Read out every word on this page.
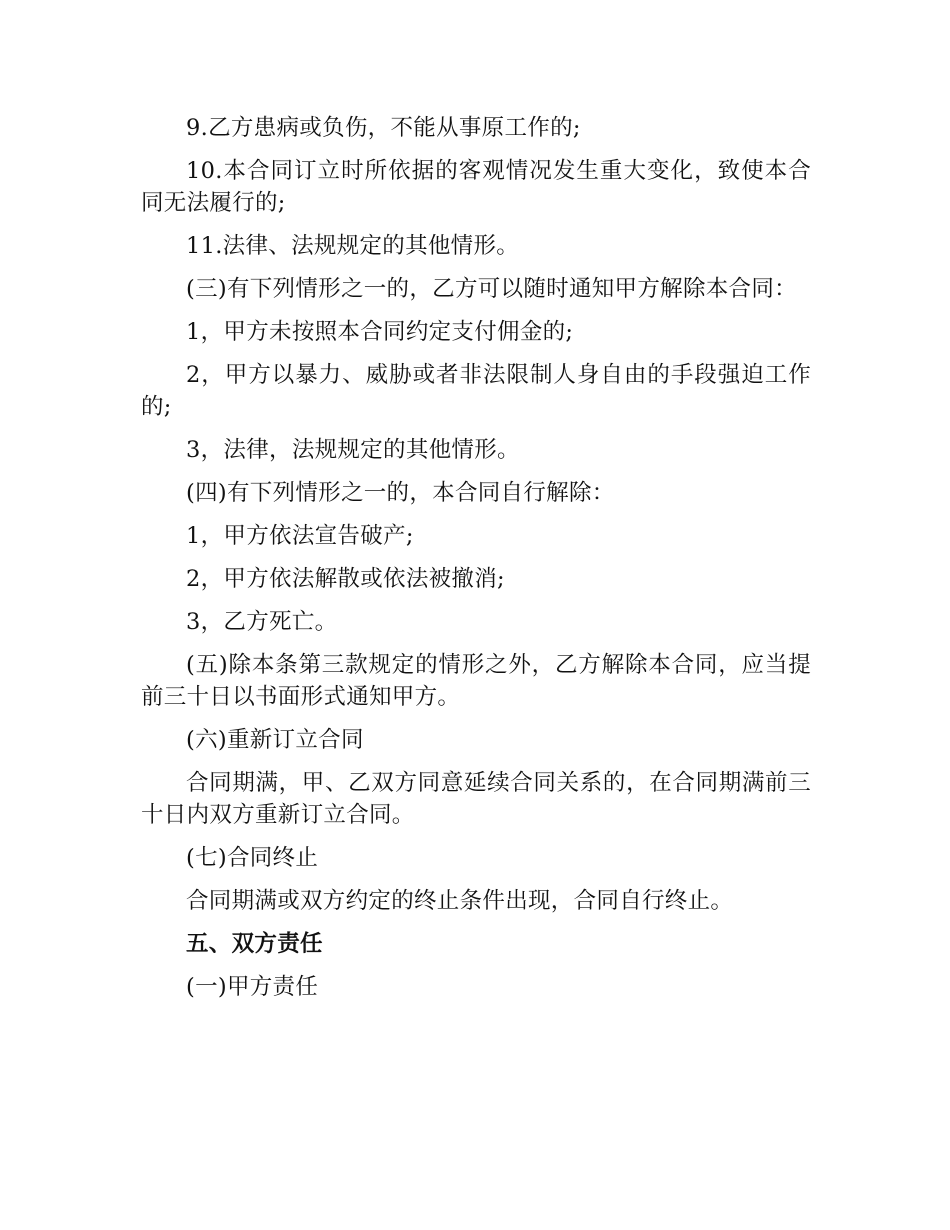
9.乙方患病或负伤，不能从事原工作的;

10.本合同订立时所依据的客观情况发生重大变化，致使本合同无法履行的;

11.法律、法规规定的其他情形。

(三)有下列情形之一的，乙方可以随时通知甲方解除本合同：

1，甲方未按照本合同约定支付佣金的;

2，甲方以暴力、威胁或者非法限制人身自由的手段强迫工作的;

3，法律，法规规定的其他情形。

(四)有下列情形之一的，本合同自行解除：

1，甲方依法宣告破产;

2，甲方依法解散或依法被撤消;

3，乙方死亡。

(五)除本条第三款规定的情形之外，乙方解除本合同，应当提前三十日以书面形式通知甲方。

(六)重新订立合同

合同期满，甲、乙双方同意延续合同关系的，在合同期满前三十日内双方重新订立合同。

(七)合同终止

合同期满或双方约定的终止条件出现，合同自行终止。

五、双方责任

(一)甲方责任
